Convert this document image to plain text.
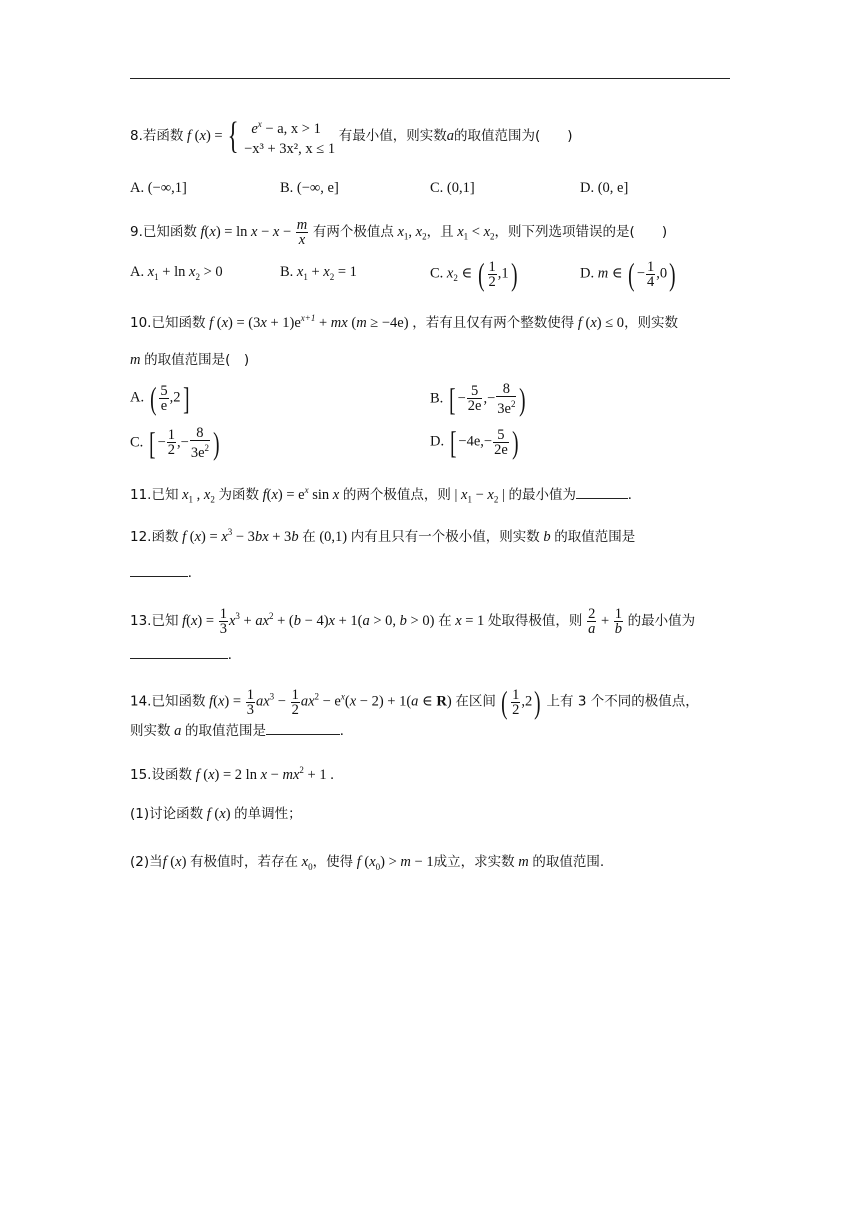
8.若函数 f (x) = { $e^x - a$, x > 1
−x³ + 3x², x ≤ 1
有最小值，则实数a的取值范围为(　　)
A. (−∞,1]	B. (−∞, e]	C. (0,1]	D. (0, e]
9.已知函数 $f(x) = \ln x - x - \frac{m}{x}$ 有两个极值点 $x_1$, $x_2$，且 $x_1 < x_2$，则下列选项错误的是(　　)
A. $x_1 + \ln x_2 > 0$	B. $x_1 + x_2 = 1$	C. $x_2$ ∈ ( $\frac{1}{2} ,1$)	D. m ∈ ( − $\frac{1}{4} ,0$)
10.已知函数 f $(x) = (3x + 1)e^{x+1}$ + mx (m ≥ −4e) ，若有且仅有两个整数使得 f (x) ≤ 0，则实数
m 的取值范围是(　)
A. ( $\frac{5}{e} ,2$]	B. [ − $\frac{5}{2e}$ ,− $\frac{8}{3e^2}$ )
C. [ − $\frac{1}{2}$ ,− $\frac{8}{3e^2}$ )	D. [ $-4e,- \frac{5}{2e}$ )
11.已知 $x_1$ , $x_2$ 为函数 $f(x) = e^x$ sin x 的两个极值点，则 | $x_1 - x_2$ | 的最小值为	.
12.函数 f $(x) = x^3 - 3bx + 3b$ 在 (0,1) 内有且只有一个极小值，则实数 b 的取值范围是
.
13.已知 $f(x) = \frac{1}{3} x^3 + ax^2 + (b - 4)x + 1(a > 0$, b > 0) 在 x = 1 处取得极值，则 $\frac{2}{a} + \frac{1}{b}$ 的最小值为
.
14.已知函数 $f(x) = \frac{1}{3} ax^3 - \frac{1}{2} ax^2 - e^x(x - 2) + 1(a$ ∈ R) 在区间 ( $\frac{1}{2} ,2$) 上有 3 个不同的极值点，
则实数 a 的取值范围是	.
15.设函数 f (x) = 2 $\ln x - mx^2 + 1$ .
(1)讨论函数 f (x) 的单调性；
(2)当f (x) 有极值时，若存在 $x_0$，使得 f $(x_0) > m - 1$成立，求实数 m 的取值范围.
